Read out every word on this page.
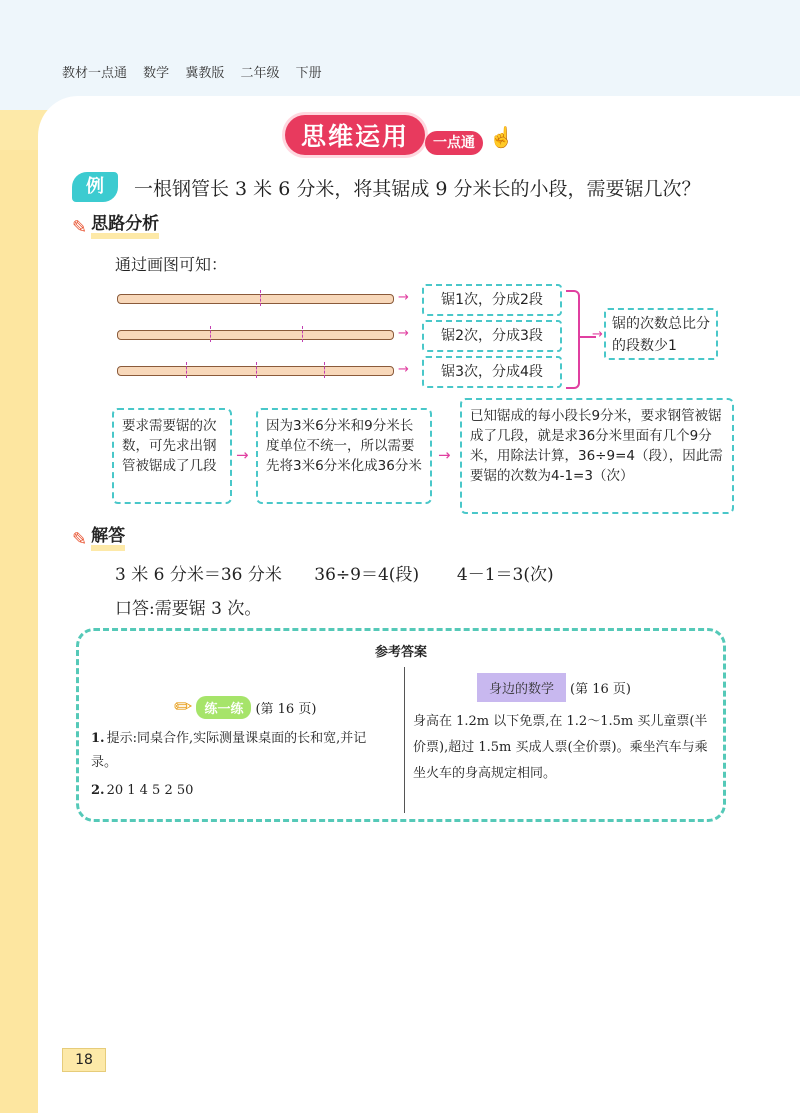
教材一点通 数学 冀教版 二年级 下册
思维运用	一点通 ☝
例	一根钢管长 3 米 6 分米，将其锯成 9 分米长的小段，需要锯几次？
✎ 思路分析
通过画图可知：
→
→
→
锯1次，分成2段
锯2次，分成3段
锯3次，分成4段
→
锯的次数总比分的段数少1
要求需要锯的次数，可先求出钢管被锯成了几段
→
因为3米6分米和9分米长度单位不统一，所以需要先将3米6分米化成36分米
→
已知锯成的每小段长9分米，要求钢管被锯成了几段，就是求36分米里面有几个9分米，用除法计算，36÷9=4（段），因此需要锯的次数为4-1=3（次）
✎ 解答
3 米 6 分米＝36 分米      36÷9＝4(段)       4－1＝3(次)
口答:需要锯 3 次。
参考答案
✏ 练一练 (第 16 页)
1. 提示:同桌合作,实际测量课桌面的长和宽,并记录。
2. 20 1 4 5 2 50
身边的数学	(第 16 页)
身高在 1.2m 以下免票,在 1.2～1.5m 买儿童票(半价票),超过 1.5m 买成人票(全价票)。乘坐汽车与乘坐火车的身高规定相同。
18
